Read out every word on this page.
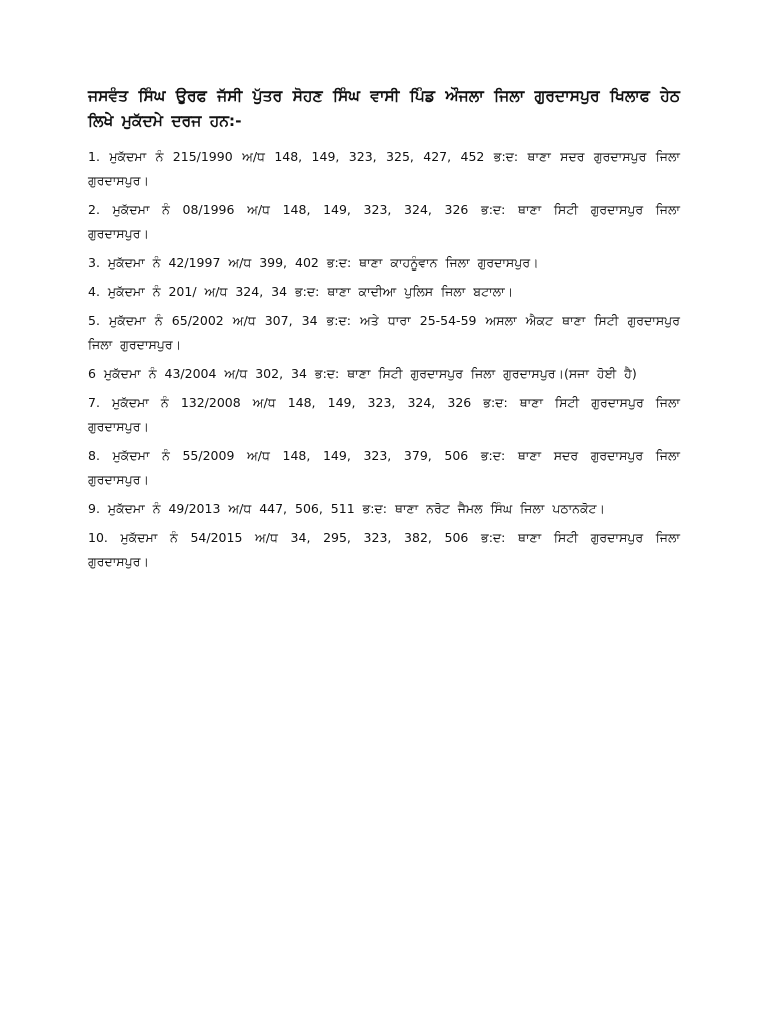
ਜਸਵੰਤ ਸਿੰਘ ਉਰਫ ਜੱਸੀ ਪੁੱਤਰ ਸੋਹਣ ਸਿੰਘ ਵਾਸੀ ਪਿੰਡ ਔਜਲਾ ਜਿਲਾ ਗੁਰਦਾਸਪੁਰ ਖਿਲਾਫ ਹੇਠ ਲਿਖੇ ਮੁਕੱਦਮੇ ਦਰਜ ਹਨ:-

1. ਮੁਕੱਦਮਾ ਨੰ 215/1990 ਅ/ਧ 148, 149, 323, 325, 427, 452 ਭ:ਦ: ਥਾਣਾ ਸਦਰ ਗੁਰਦਾਸਪੁਰ ਜਿਲਾ ਗੁਰਦਾਸਪੁਰ।
2. ਮੁਕੱਦਮਾ ਨੰ 08/1996 ਅ/ਧ 148, 149, 323, 324, 326 ਭ:ਦ: ਥਾਣਾ ਸਿਟੀ ਗੁਰਦਾਸਪੁਰ ਜਿਲਾ ਗੁਰਦਾਸਪੁਰ।
3. ਮੁਕੱਦਮਾ ਨੰ 42/1997 ਅ/ਧ 399, 402 ਭ:ਦ: ਥਾਣਾ ਕਾਹਨੂੰਵਾਨ ਜਿਲਾ ਗੁਰਦਾਸਪੁਰ।
4. ਮੁਕੱਦਮਾ ਨੰ 201/ ਅ/ਧ 324, 34 ਭ:ਦ: ਥਾਣਾ ਕਾਦੀਆ ਪੁਲਿਸ ਜਿਲਾ ਬਟਾਲਾ।
5. ਮੁਕੱਦਮਾ ਨੰ 65/2002 ਅ/ਧ 307, 34 ਭ:ਦ: ਅਤੇ ਧਾਰਾ 25-54-59 ਅਸਲਾ ਐਕਟ ਥਾਣਾ ਸਿਟੀ ਗੁਰਦਾਸਪੁਰ ਜਿਲਾ ਗੁਰਦਾਸਪੁਰ।
6 ਮੁਕੱਦਮਾ ਨੰ 43/2004 ਅ/ਧ 302, 34 ਭ:ਦ: ਥਾਣਾ ਸਿਟੀ ਗੁਰਦਾਸਪੁਰ ਜਿਲਾ ਗੁਰਦਾਸਪੁਰ।(ਸਜਾ ਹੋਈ ਹੈ)
7. ਮੁਕੱਦਮਾ ਨੰ 132/2008 ਅ/ਧ 148, 149, 323, 324, 326 ਭ:ਦ: ਥਾਣਾ ਸਿਟੀ ਗੁਰਦਾਸਪੁਰ ਜਿਲਾ ਗੁਰਦਾਸਪੁਰ।
8. ਮੁਕੱਦਮਾ ਨੰ 55/2009 ਅ/ਧ 148, 149, 323, 379, 506 ਭ:ਦ: ਥਾਣਾ ਸਦਰ ਗੁਰਦਾਸਪੁਰ ਜਿਲਾ ਗੁਰਦਾਸਪੁਰ।
9. ਮੁਕੱਦਮਾ ਨੰ 49/2013 ਅ/ਧ 447, 506, 511 ਭ:ਦ: ਥਾਣਾ ਨਰੋਟ ਜੈਮਲ ਸਿੰਘ ਜਿਲਾ ਪਠਾਨਕੋਟ।
10. ਮੁਕੱਦਮਾ ਨੰ 54/2015 ਅ/ਧ 34, 295, 323, 382, 506 ਭ:ਦ: ਥਾਣਾ ਸਿਟੀ ਗੁਰਦਾਸਪੁਰ ਜਿਲਾ ਗੁਰਦਾਸਪੁਰ।
